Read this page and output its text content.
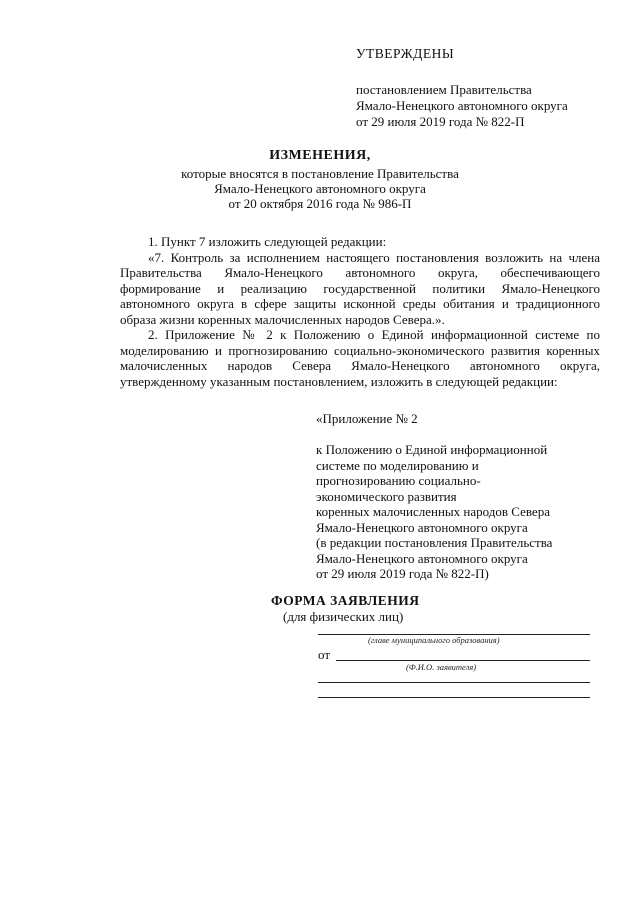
УТВЕРЖДЕНЫ
постановлением Правительства
Ямало-Ненецкого автономного округа
от 29 июля 2019 года № 822-П
ИЗМЕНЕНИЯ,
которые вносятся в постановление Правительства
Ямало-Ненецкого автономного округа
от 20 октября 2016 года № 986-П

1. Пункт 7 изложить следующей редакции:

«7. Контроль за исполнением настоящего постановления возложить на члена Правительства Ямало-Ненецкого автономного округа, обеспечивающего формирование и реализацию государственной политики Ямало-Ненецкого автономного округа в сфере защиты исконной среды обитания и традиционного образа жизни коренных малочисленных народов Севера.».

2. Приложение № 2 к Положению о Единой информационной системе по моделированию и прогнозированию социально-экономического развития коренных малочисленных народов Севера Ямало-Ненецкого автономного округа, утвержденному указанным постановлением, изложить в следующей редакции:

«Приложение № 2
к Положению о Единой информационной
системе по моделированию и
прогнозированию социально-
экономического развития
коренных малочисленных народов Севера
Ямало-Ненецкого автономного округа
(в редакции постановления Правительства
Ямало-Ненецкого автономного округа
от 29 июля 2019 года № 822-П)
ФОРМА ЗАЯВЛЕНИЯ
(для физических лиц)
(главе муниципального образования)
от
(Ф.И.О. заявителя)
